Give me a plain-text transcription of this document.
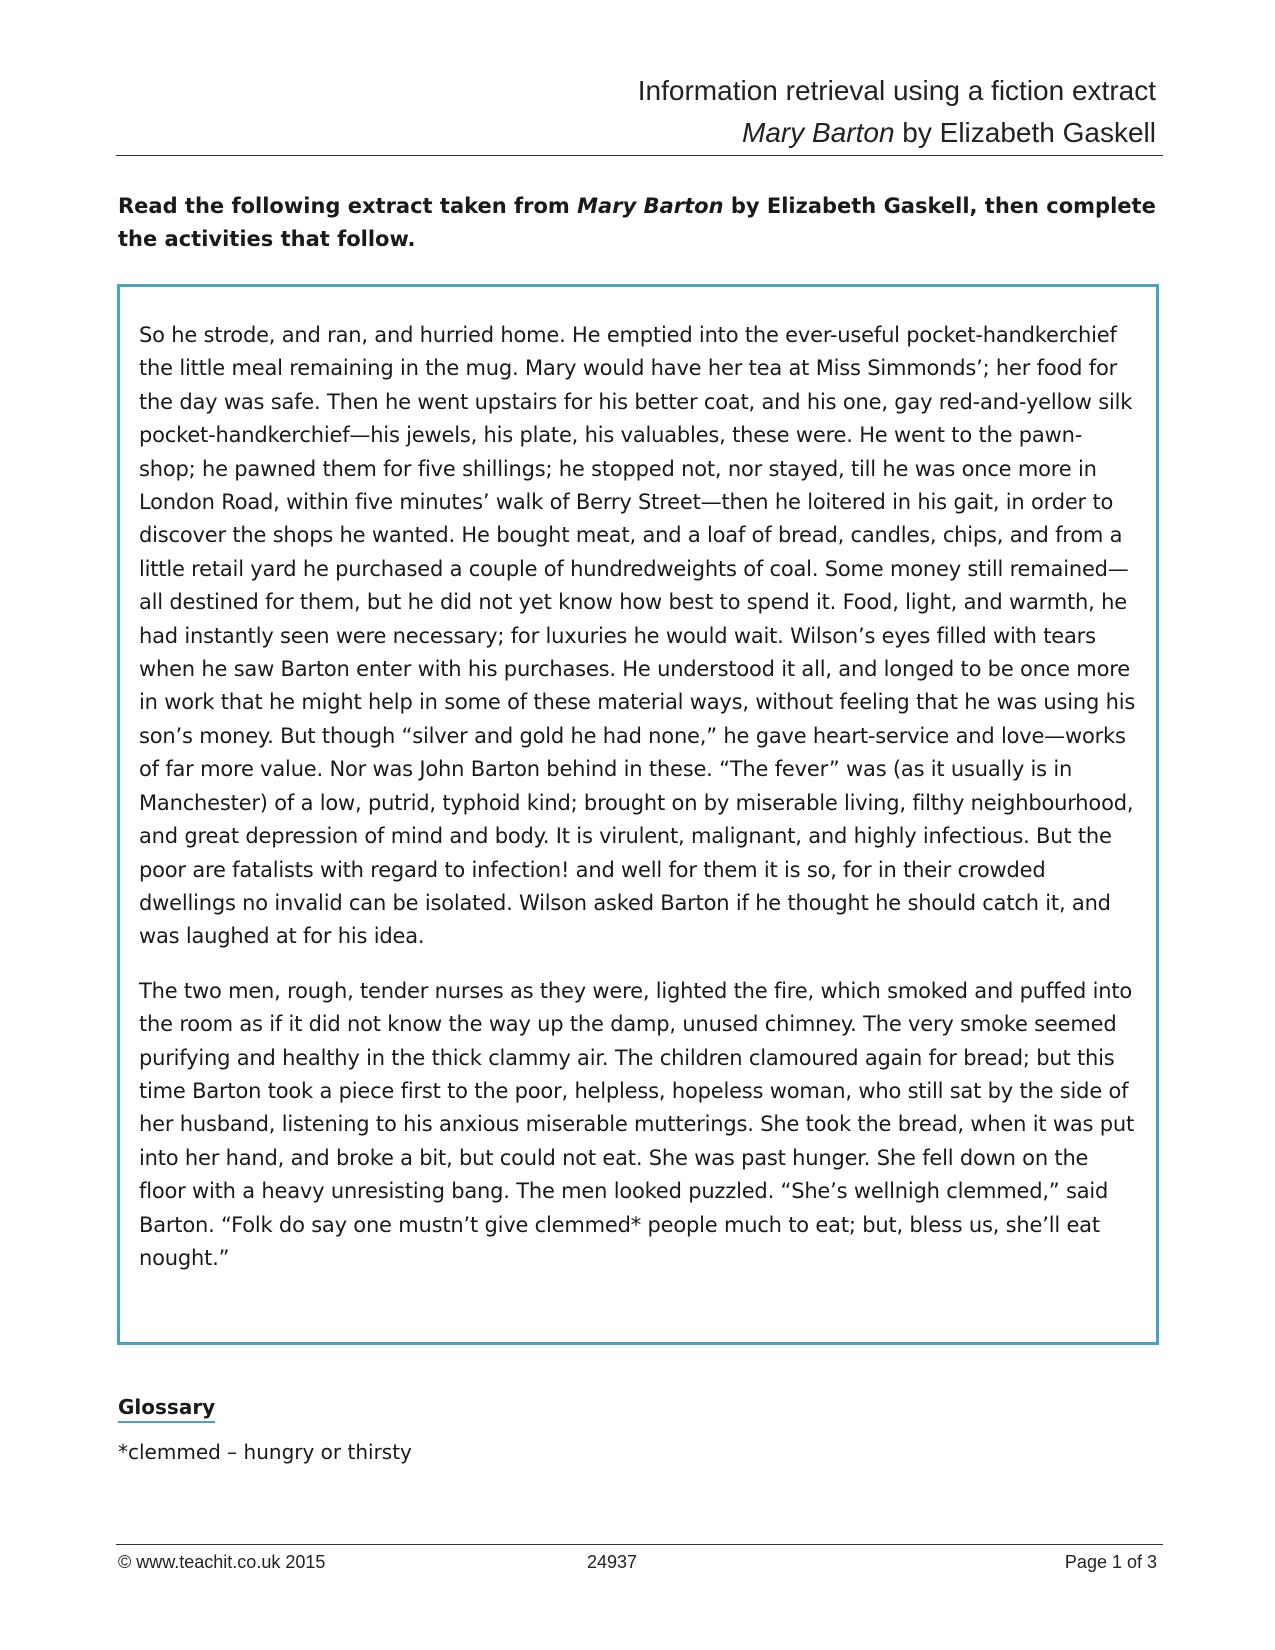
Information retrieval using a fiction extract
Mary Barton by Elizabeth Gaskell
Read the following extract taken from Mary Barton by Elizabeth Gaskell, then complete the activities that follow.

So he strode, and ran, and hurried home. He emptied into the ever-useful pocket-handkerchief the little meal remaining in the mug. Mary would have her tea at Miss Simmonds’; her food for the day was safe. Then he went upstairs for his better coat, and his one, gay red-and-yellow silk pocket-handkerchief—his jewels, his plate, his valuables, these were. He went to the pawn-shop; he pawned them for five shillings; he stopped not, nor stayed, till he was once more in London Road, within five minutes’ walk of Berry Street—then he loitered in his gait, in order to discover the shops he wanted. He bought meat, and a loaf of bread, candles, chips, and from a little retail yard he purchased a couple of hundredweights of coal. Some money still remained—all destined for them, but he did not yet know how best to spend it. Food, light, and warmth, he had instantly seen were necessary; for luxuries he would wait. Wilson’s eyes filled with tears when he saw Barton enter with his purchases. He understood it all, and longed to be once more in work that he might help in some of these material ways, without feeling that he was using his son’s money. But though “silver and gold he had none,” he gave heart-service and love—works of far more value. Nor was John Barton behind in these. “The fever” was (as it usually is in Manchester) of a low, putrid, typhoid kind; brought on by miserable living, filthy neighbourhood, and great depression of mind and body. It is virulent, malignant, and highly infectious. But the poor are fatalists with regard to infection! and well for them it is so, for in their crowded dwellings no invalid can be isolated. Wilson asked Barton if he thought he should catch it, and was laughed at for his idea.

The two men, rough, tender nurses as they were, lighted the fire, which smoked and puffed into the room as if it did not know the way up the damp, unused chimney. The very smoke seemed purifying and healthy in the thick clammy air. The children clamoured again for bread; but this time Barton took a piece first to the poor, helpless, hopeless woman, who still sat by the side of her husband, listening to his anxious miserable mutterings. She took the bread, when it was put into her hand, and broke a bit, but could not eat. She was past hunger. She fell down on the floor with a heavy unresisting bang. The men looked puzzled. “She’s wellnigh clemmed,” said Barton. “Folk do say one mustn’t give clemmed* people much to eat; but, bless us, she’ll eat nought.”

Glossary
*clemmed – hungry or thirsty
© www.teachit.co.uk 2015	24937	Page 1 of 3
